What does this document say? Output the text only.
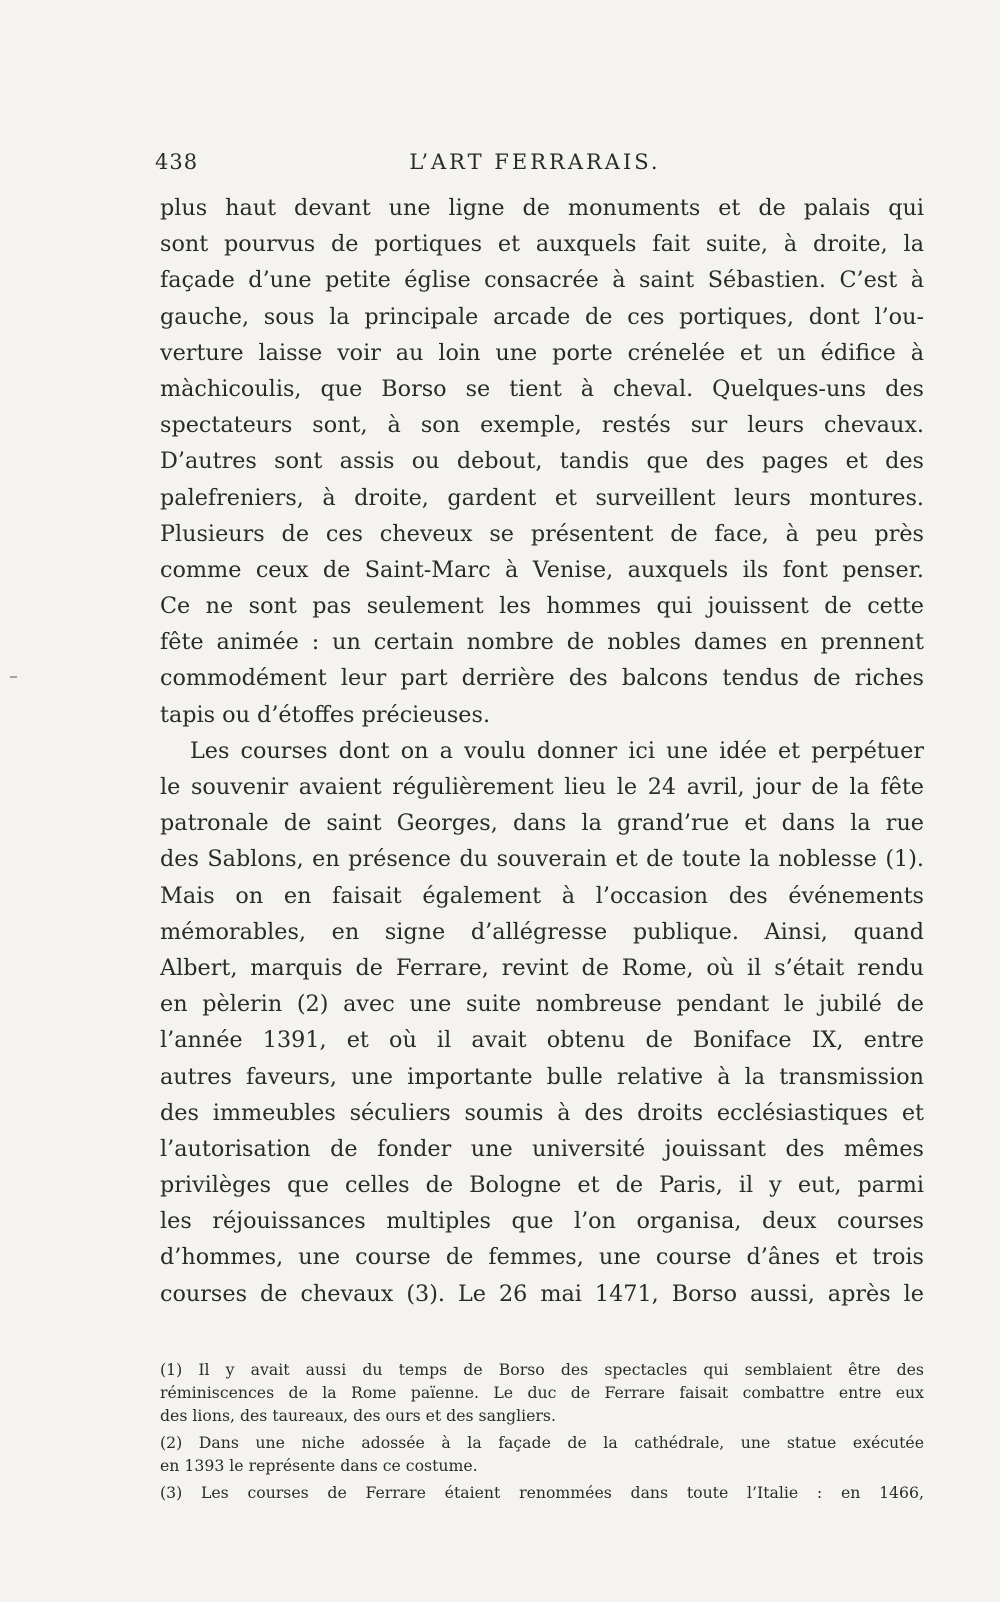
438	L’ART FERRARAIS.
plus haut devant une ligne de monuments et de palais qui
sont pourvus de portiques et auxquels fait suite, à droite, la
façade d’une petite église consacrée à saint Sébastien. C’est à
gauche, sous la principale arcade de ces portiques, dont l’ou-
verture laisse voir au loin une porte crénelée et un édifice à
màchicoulis, que Borso se tient à cheval. Quelques-uns des
spectateurs sont, à son exemple, restés sur leurs chevaux.
D’autres sont assis ou debout, tandis que des pages et des
palefreniers, à droite, gardent et surveillent leurs montures.
Plusieurs de ces cheveux se présentent de face, à peu près
comme ceux de Saint-Marc à Venise, auxquels ils font penser.
Ce ne sont pas seulement les hommes qui jouissent de cette
fête animée : un certain nombre de nobles dames en prennent
commodément leur part derrière des balcons tendus de riches
tapis ou d’étoffes précieuses.
Les courses dont on a voulu donner ici une idée et perpétuer
le souvenir avaient régulièrement lieu le 24 avril, jour de la fête
patronale de saint Georges, dans la grand’rue et dans la rue
des Sablons, en présence du souverain et de toute la noblesse (1).
Mais on en faisait également à l’occasion des événements
mémorables, en signe d’allégresse publique. Ainsi, quand
Albert, marquis de Ferrare, revint de Rome, où il s’était rendu
en pèlerin (2) avec une suite nombreuse pendant le jubilé de
l’année 1391, et où il avait obtenu de Boniface IX, entre
autres faveurs, une importante bulle relative à la transmission
des immeubles séculiers soumis à des droits ecclésiastiques et
l’autorisation de fonder une université jouissant des mêmes
privilèges que celles de Bologne et de Paris, il y eut, parmi
les réjouissances multiples que l’on organisa, deux courses
d’hommes, une course de femmes, une course d’ânes et trois
courses de chevaux (3). Le 26 mai 1471, Borso aussi, après le
(1) Il y avait aussi du temps de Borso des spectacles qui semblaient être des
réminiscences de la Rome païenne. Le duc de Ferrare faisait combattre entre eux
des lions, des taureaux, des ours et des sangliers.
(2) Dans une niche adossée à la façade de la cathédrale, une statue exécutée
en 1393 le représente dans ce costume.
(3) Les courses de Ferrare étaient renommées dans toute l’Italie : en 1466,
